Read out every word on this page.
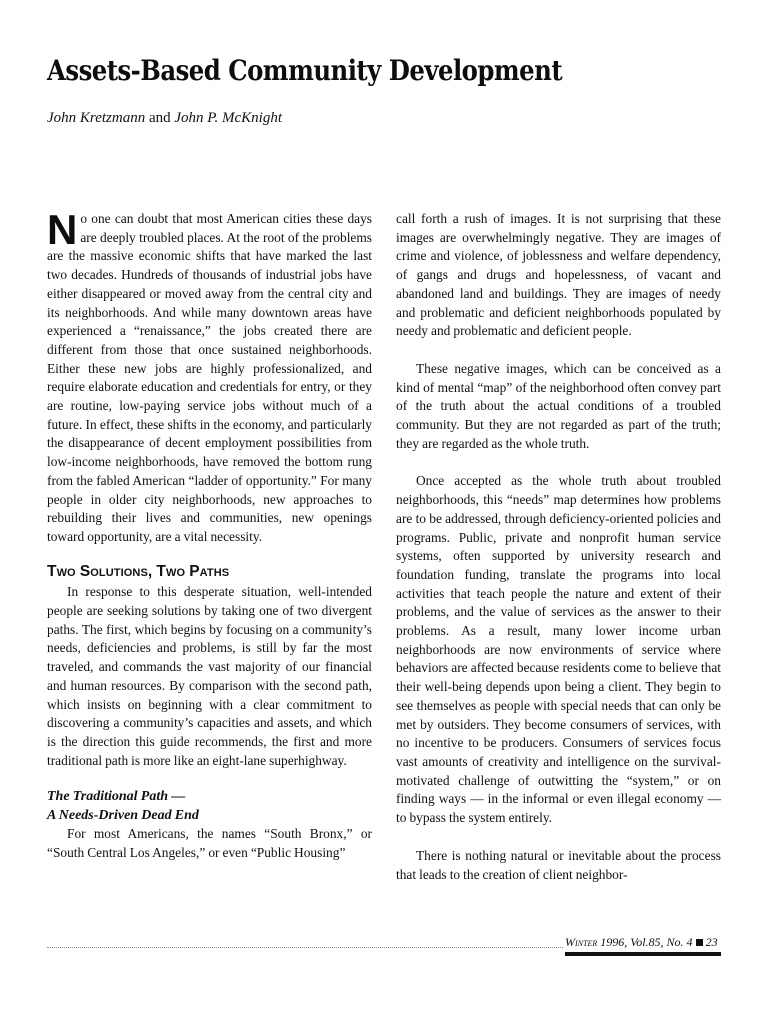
Assets-Based Community Development
John Kretzmann and John P. McKnight

No one can doubt that most American cities these days are deeply troubled places. At the root of the problems are the massive economic shifts that have marked the last two decades. Hundreds of thousands of industrial jobs have either disappeared or moved away from the central city and its neighborhoods. And while many downtown areas have experienced a “renaissance,” the jobs created there are different from those that once sustained neighborhoods. Either these new jobs are highly professionalized, and require elaborate education and credentials for entry, or they are routine, low-paying service jobs without much of a future. In effect, these shifts in the economy, and particularly the disappearance of decent employment possibilities from low-income neighborhoods, have removed the bottom rung from the fabled American “ladder of opportunity.” For many people in older city neighborhoods, new approaches to rebuilding their lives and communities, new openings toward opportunity, are a vital necessity.

Two Solutions, Two Paths

In response to this desperate situation, well-intended people are seeking solutions by taking one of two divergent paths. The first, which begins by focusing on a community’s needs, deficiencies and problems, is still by far the most traveled, and commands the vast majority of our financial and human resources. By comparison with the second path, which insists on beginning with a clear commitment to discovering a community’s capacities and assets, and which is the direction this guide recommends, the first and more traditional path is more like an eight-lane superhighway.

The Traditional Path —
A Needs-Driven Dead End

For most Americans, the names “South Bronx,” or “South Central Los Angeles,” or even “Public Housing”

call forth a rush of images. It is not surprising that these images are overwhelmingly negative. They are images of crime and violence, of joblessness and welfare dependency, of gangs and drugs and hopelessness, of vacant and abandoned land and buildings. They are images of needy and problematic and deficient neighborhoods populated by needy and problematic and deficient people.

These negative images, which can be conceived as a kind of mental “map” of the neighborhood often convey part of the truth about the actual conditions of a troubled community. But they are not regarded as part of the truth; they are regarded as the whole truth.

Once accepted as the whole truth about troubled neighborhoods, this “needs” map determines how problems are to be addressed, through deficiency-oriented policies and programs. Public, private and nonprofit human service systems, often supported by university research and foundation funding, translate the programs into local activities that teach people the nature and extent of their problems, and the value of services as the answer to their problems. As a result, many lower income urban neighborhoods are now environments of service where behaviors are affected because residents come to believe that their well-being depends upon being a client. They begin to see themselves as people with special needs that can only be met by outsiders. They become consumers of services, with no incentive to be producers. Consumers of services focus vast amounts of creativity and intelligence on the survival-motivated challenge of outwitting the “system,” or on finding ways — in the informal or even illegal economy — to bypass the system entirely.

There is nothing natural or inevitable about the process that leads to the creation of client neighbor-

Winter 1996, Vol.85, No. 4 23
